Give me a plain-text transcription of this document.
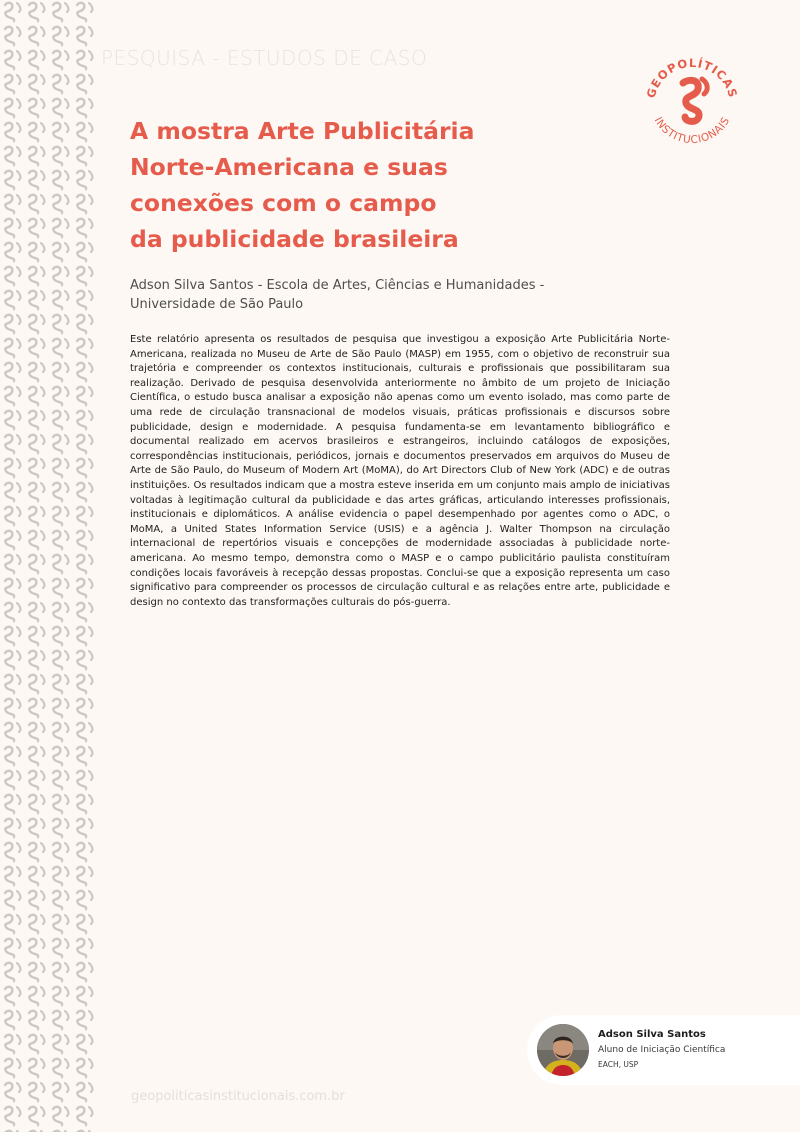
PESQUISA - ESTUDOS DE CASO
GEOPOLÍTICAS
INSTITUCIONAIS
A mostra Arte Publicitária
Norte-Americana e suas
conexões com o campo
da publicidade brasileira
Adson Silva Santos - Escola de Artes, Ciências e Humanidades -
Universidade de São Paulo

Este relatório apresenta os resultados de pesquisa que investigou a exposição Arte Publicitária Norte-Americana, realizada no Museu de Arte de São Paulo (MASP) em 1955, com o objetivo de reconstruir sua trajetória e compreender os contextos institucionais, culturais e profissionais que possibilitaram sua realização. Derivado de pesquisa desenvolvida anteriormente no âmbito de um projeto de Iniciação Científica, o estudo busca analisar a exposição não apenas como um evento isolado, mas como parte de uma rede de circulação transnacional de modelos visuais, práticas profissionais e discursos sobre publicidade, design e modernidade. A pesquisa fundamenta-se em levantamento bibliográfico e documental realizado em acervos brasileiros e estrangeiros, incluindo catálogos de exposições, correspondências institucionais, periódicos, jornais e documentos preservados em arquivos do Museu de Arte de São Paulo, do Museum of Modern Art (MoMA), do Art Directors Club of New York (ADC) e de outras instituições. Os resultados indicam que a mostra esteve inserida em um conjunto mais amplo de iniciativas voltadas à legitimação cultural da publicidade e das artes gráficas, articulando interesses profissionais, institucionais e diplomáticos. A análise evidencia o papel desempenhado por agentes como o ADC, o MoMA, a United States Information Service (USIS) e a agência J. Walter Thompson na circulação internacional de repertórios visuais e concepções de modernidade associadas à publicidade norte-americana. Ao mesmo tempo, demonstra como o MASP e o campo publicitário paulista constituíram condições locais favoráveis à recepção dessas propostas. Conclui-se que a exposição representa um caso significativo para compreender os processos de circulação cultural e as relações entre arte, publicidade e design no contexto das transformações culturais do pós-guerra.

Adson Silva Santos
Aluno de Iniciação Científica
EACH, USP
geopoliticasinstitucionais.com.br
